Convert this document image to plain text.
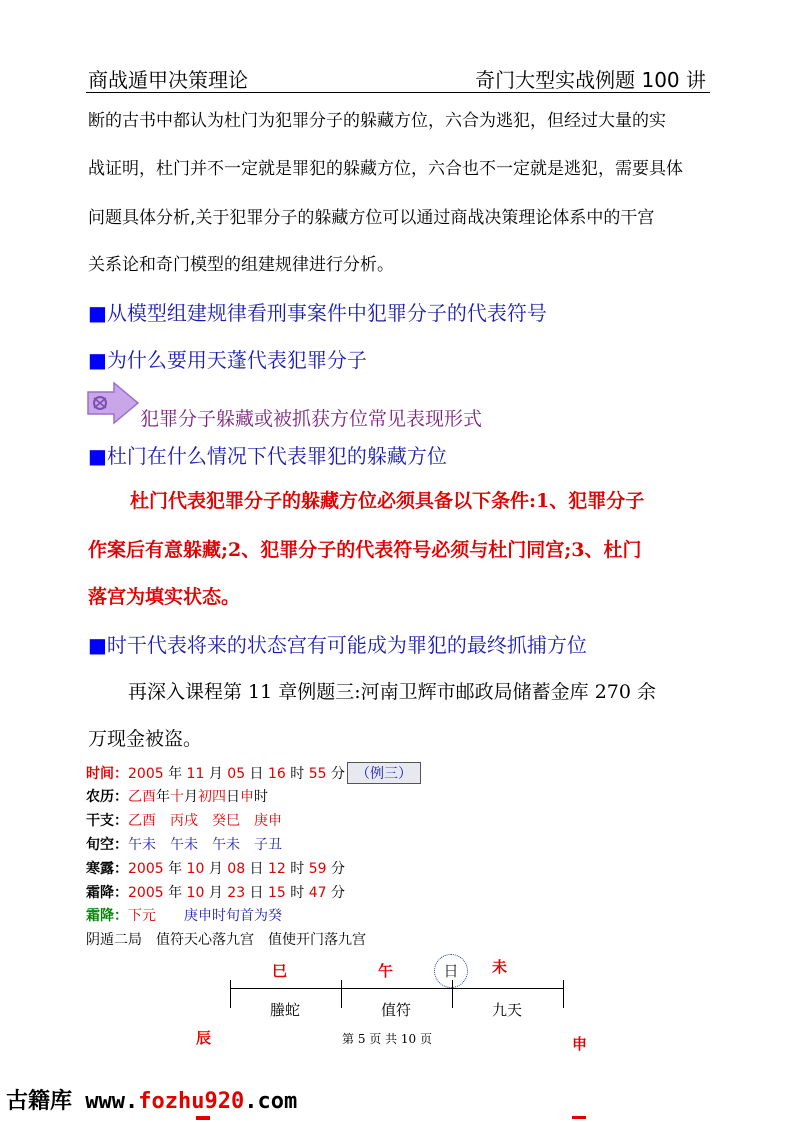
商战遁甲决策理论	奇门大型实战例题 100 讲
断的古书中都认为杜门为犯罪分子的躲藏方位，六合为逃犯，但经过大量的实
战证明，杜门并不一定就是罪犯的躲藏方位，六合也不一定就是逃犯，需要具体
问题具体分析,关于犯罪分子的躲藏方位可以通过商战决策理论体系中的干宫
关系论和奇门模型的组建规律进行分析。
■从模型组建规律看刑事案件中犯罪分子的代表符号
■为什么要用天蓬代表犯罪分子
犯罪分子躲藏或被抓获方位常见表现形式
■杜门在什么情况下代表罪犯的躲藏方位
杜门代表犯罪分子的躲藏方位必须具备以下条件:1、犯罪分子
作案后有意躲藏;2、犯罪分子的代表符号必须与杜门同宫;3、杜门
落宫为填实状态。
■时干代表将来的状态宫有可能成为罪犯的最终抓捕方位
再深入课程第 11 章例题三:河南卫辉市邮政局储蓄金库 270 余
万现金被盗。
时间：2005 年 11 月 05 日 16 时 55 分 （例三）
农历：乙酉年十月初四日申时
干支：乙酉　丙戌　癸巳　庚申
旬空：午未　午未　午未　子丑
寒露：2005 年 10 月 08 日 12 时 59 分
霜降：2005 年 10 月 23 日 15 时 47 分
霜降：下元 庚申时旬首为癸
阴遁二局　值符天心落九宫　值使开门落九宫
巳	午	日	未
螣蛇	值符	九天
辰	申
第 5 页 共 10 页
古籍库 www.fozhu920.com
